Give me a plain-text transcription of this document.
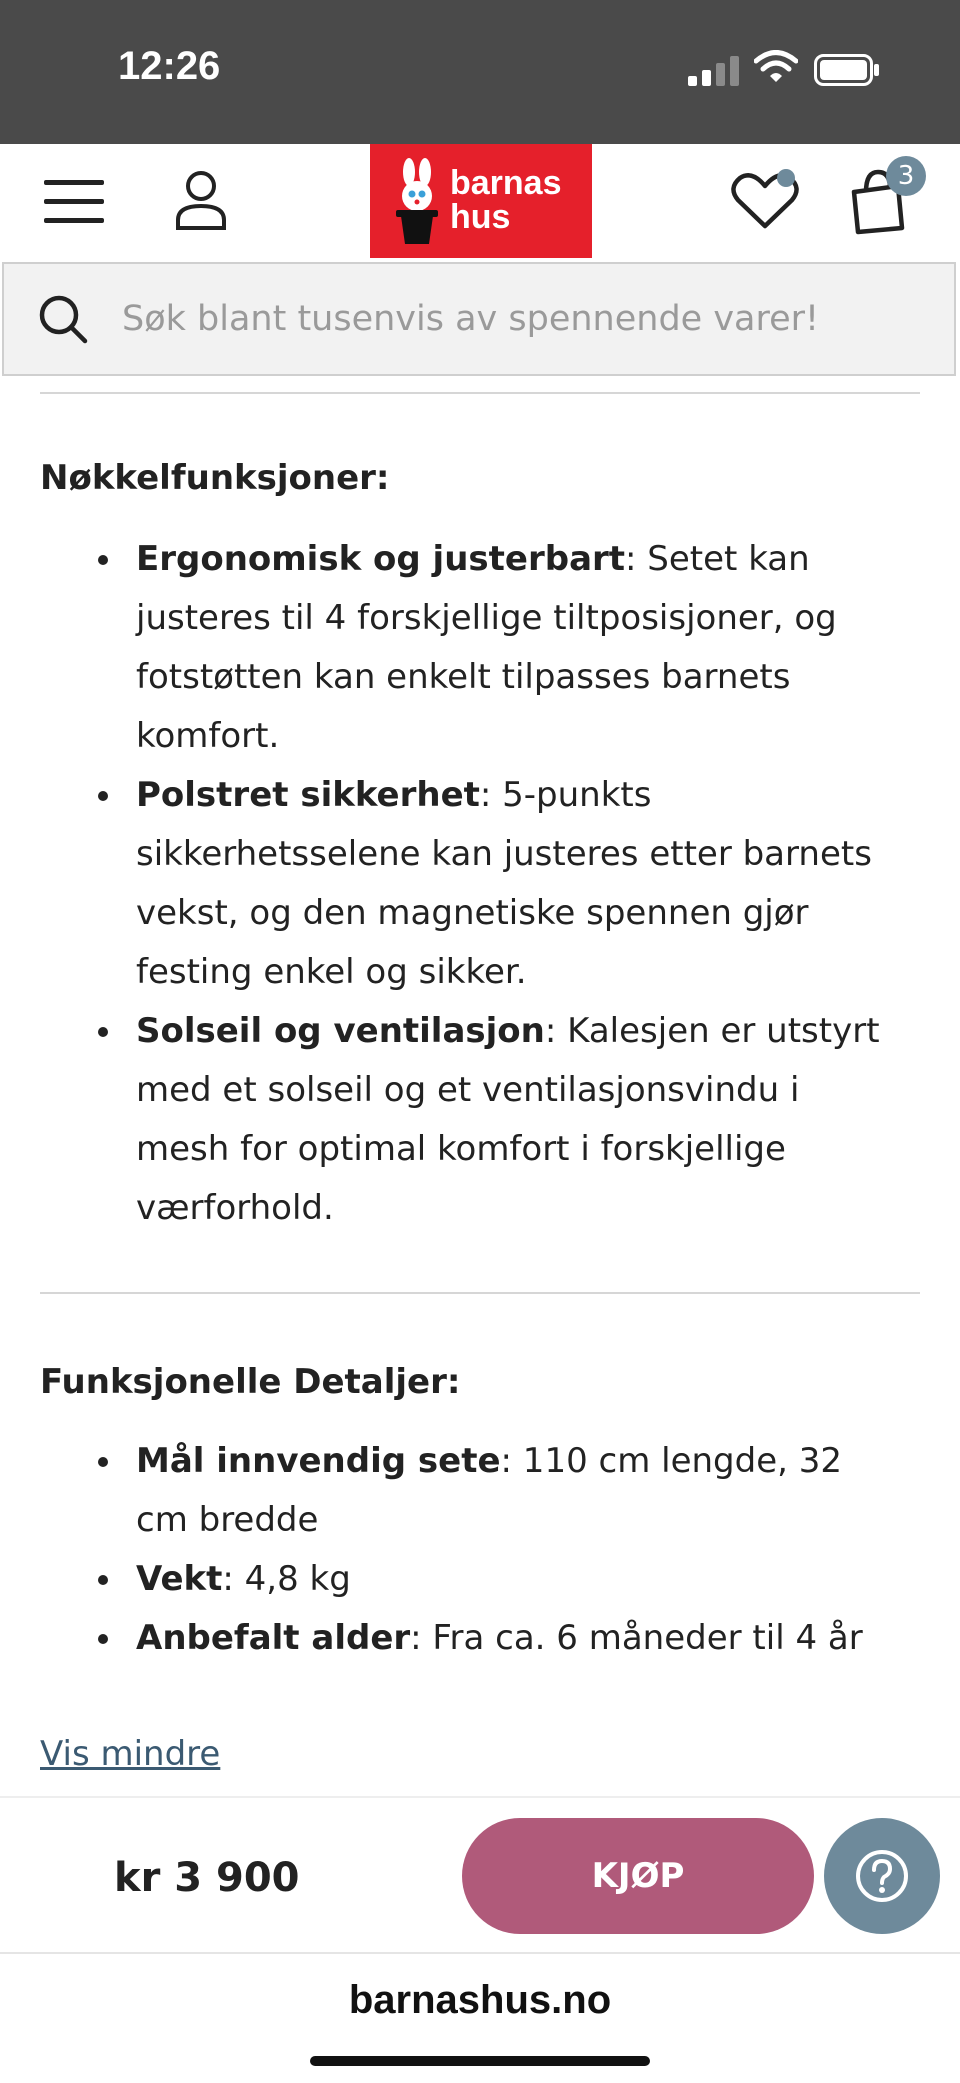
12:26
barnas
hus
3
Søk blant tusenvis av spennende varer!
Nøkkelfunksjoner:
Ergonomisk og justerbart: Setet kan justeres til 4 forskjellige tiltposisjoner, og fotstøtten kan enkelt tilpasses barnets komfort.
Polstret sikkerhet: 5-punkts sikkerhetsselene kan justeres etter barnets vekst, og den magnetiske spennen gjør festing enkel og sikker.
Solseil og ventilasjon: Kalesjen er utstyrt med et solseil og et ventilasjonsvindu i mesh for optimal komfort i forskjellige værforhold.
Funksjonelle Detaljer:
Mål innvendig sete: 110 cm lengde, 32 cm bredde
Vekt: 4,8 kg
Anbefalt alder: Fra ca. 6 måneder til 4 år
Vis mindre
kr 3 900	KJØP
barnashus.no
